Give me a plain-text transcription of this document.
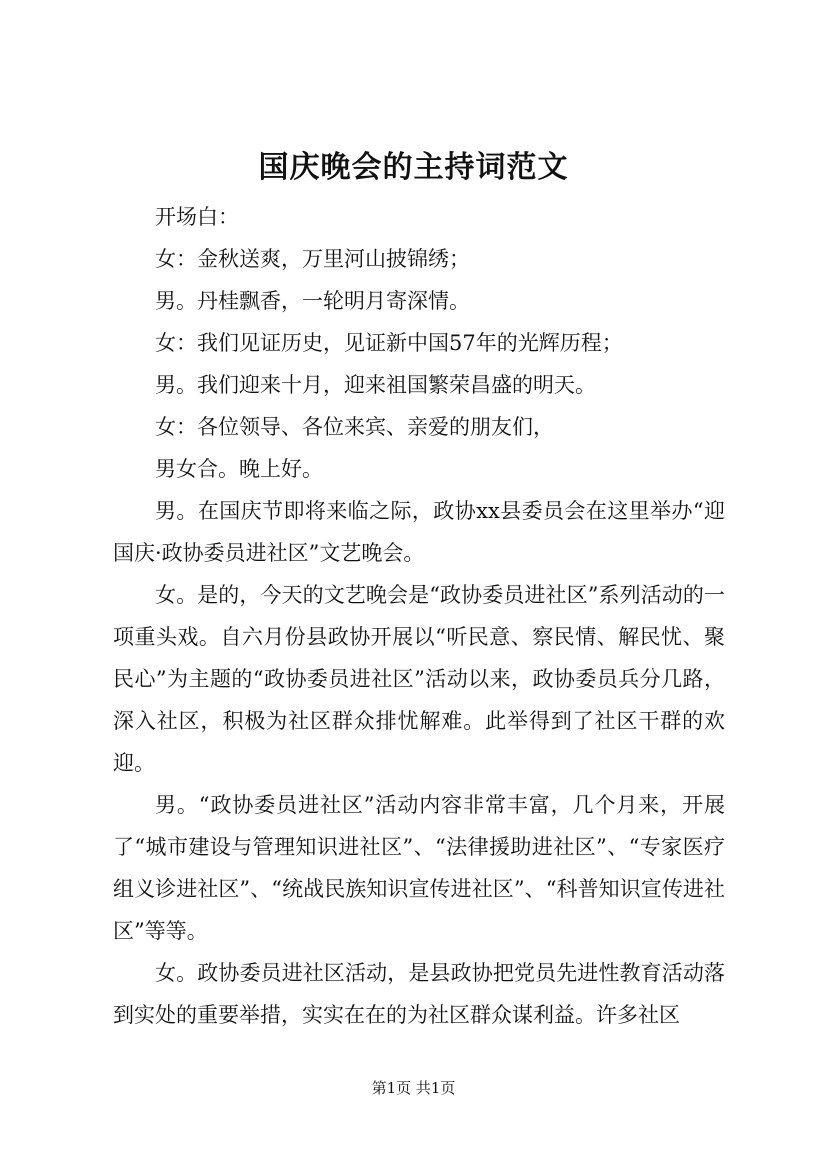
国庆晚会的主持词范文

开场白：

女：金秋送爽，万里河山披锦绣；

男。丹桂飘香，一轮明月寄深情。

女：我们见证历史，见证新中国57年的光辉历程；

男。我们迎来十月，迎来祖国繁荣昌盛的明天。

女：各位领导、各位来宾、亲爱的朋友们，

男女合。晚上好。

男。在国庆节即将来临之际，政协xx县委员会在这里举办“迎国庆·政协委员进社区”文艺晚会。

女。是的，今天的文艺晚会是“政协委员进社区”系列活动的一项重头戏。自六月份县政协开展以“听民意、察民情、解民忧、聚民心”为主题的“政协委员进社区”活动以来，政协委员兵分几路，深入社区，积极为社区群众排忧解难。此举得到了社区干群的欢迎。

男。“政协委员进社区”活动内容非常丰富，几个月来，开展了“城市建设与管理知识进社区”、“法律援助进社区”、“专家医疗组义诊进社区”、“统战民族知识宣传进社区”、“科普知识宣传进社区”等等。

女。政协委员进社区活动，是县政协把党员先进性教育活动落到实处的重要举措，实实在在的为社区群众谋利益。许多社区

第1页 共1页
